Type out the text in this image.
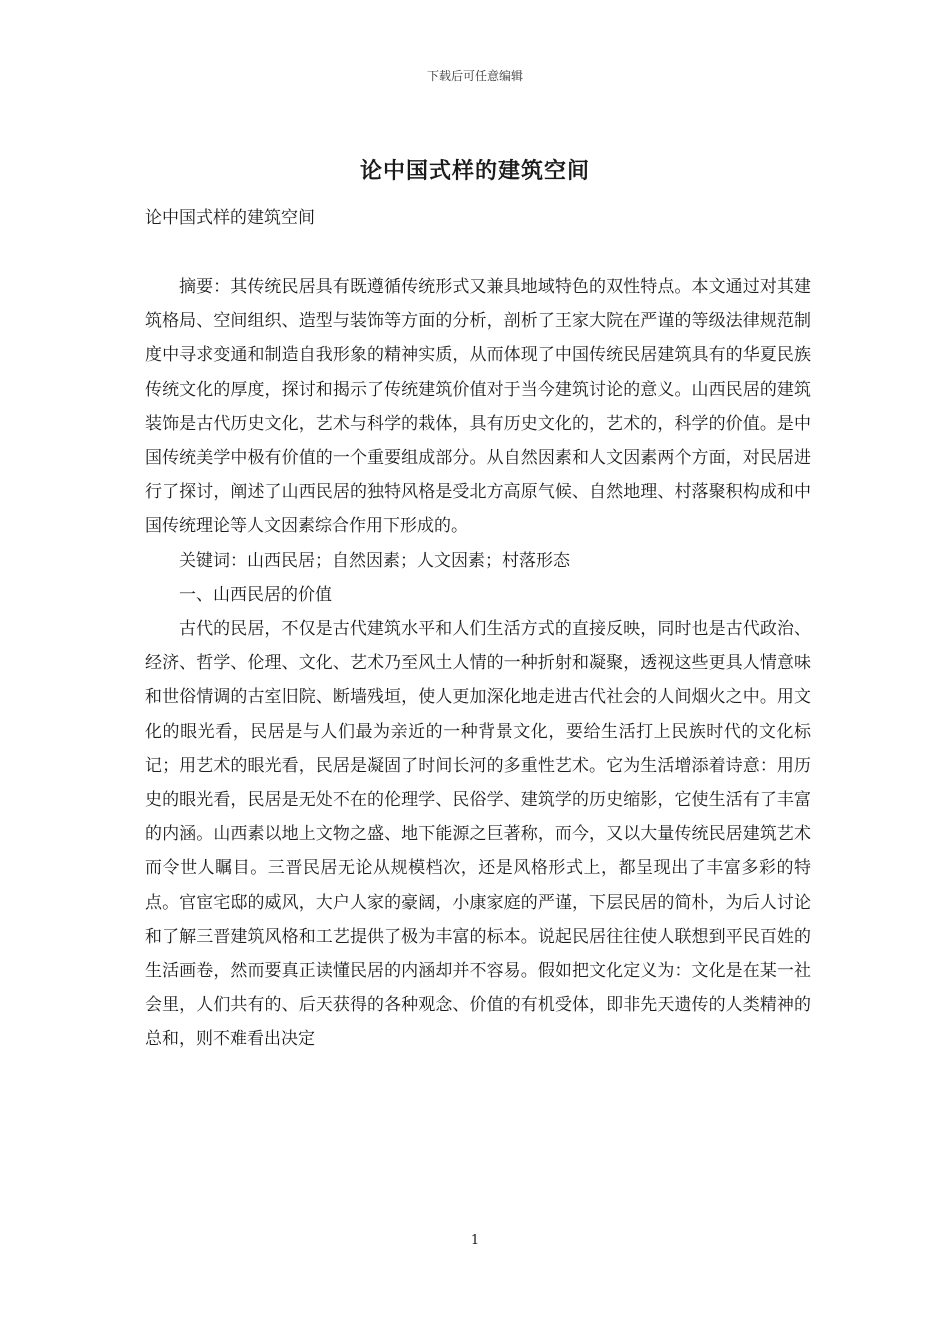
下载后可任意编辑
论中国式样的建筑空间
论中国式样的建筑空间

摘要：其传统民居具有既遵循传统形式又兼具地域特色的双性特点。本文通过对其建筑格局、空间组织、造型与装饰等方面的分析，剖析了王家大院在严谨的等级法律规范制度中寻求变通和制造自我形象的精神实质，从而体现了中国传统民居建筑具有的华夏民族传统文化的厚度，探讨和揭示了传统建筑价值对于当今建筑讨论的意义。山西民居的建筑装饰是古代历史文化，艺术与科学的栽体，具有历史文化的，艺术的，科学的价值。是中国传统美学中极有价值的一个重要组成部分。从自然因素和人文因素两个方面，对民居进行了探讨，阐述了山西民居的独特风格是受北方高原气候、自然地理、村落聚积构成和中国传统理论等人文因素综合作用下形成的。

关键词：山西民居；自然因素；人文因素；村落形态

一、山西民居的价值

古代的民居，不仅是古代建筑水平和人们生活方式的直接反映，同时也是古代政治、经济、哲学、伦理、文化、艺术乃至风土人情的一种折射和凝聚，透视这些更具人情意味和世俗情调的古室旧院、断墙残垣，使人更加深化地走进古代社会的人间烟火之中。用文化的眼光看，民居是与人们最为亲近的一种背景文化，要给生活打上民族时代的文化标记；用艺术的眼光看，民居是凝固了时间长河的多重性艺术。它为生活增添着诗意：用历史的眼光看，民居是无处不在的伦理学、民俗学、建筑学的历史缩影，它使生活有了丰富的内涵。山西素以地上文物之盛、地下能源之巨著称，而今，又以大量传统民居建筑艺术而令世人瞩目。三晋民居无论从规模档次，还是风格形式上，都呈现出了丰富多彩的特点。官宦宅邸的威风，大户人家的豪阔，小康家庭的严谨，下层民居的简朴，为后人讨论和了解三晋建筑风格和工艺提供了极为丰富的标本。说起民居往往使人联想到平民百姓的生活画卷，然而要真正读懂民居的内涵却并不容易。假如把文化定义为：文化是在某一社会里，人们共有的、后天获得的各种观念、价值的有机受体，即非先天遗传的人类精神的总和，则不难看出决定

1
